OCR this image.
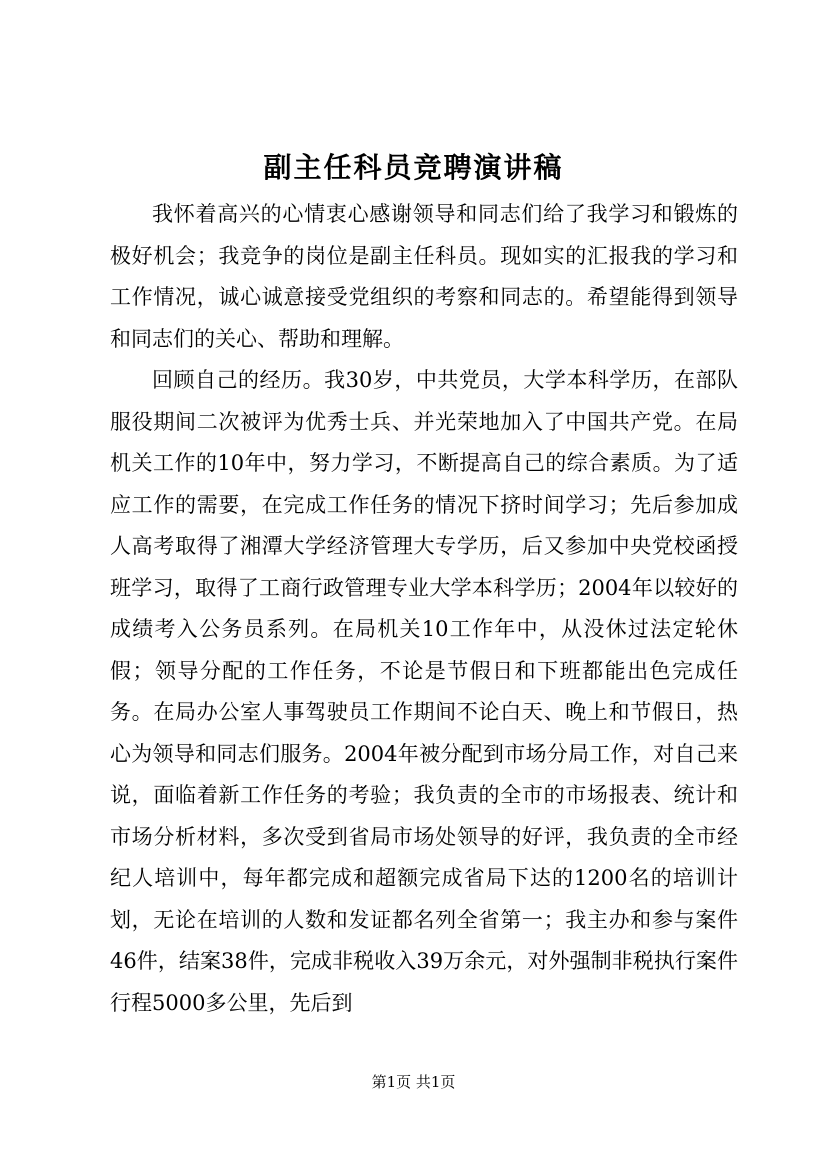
副主任科员竞聘演讲稿

我怀着高兴的心情衷心感谢领导和同志们给了我学习和锻炼的极好机会；我竞争的岗位是副主任科员。现如实的汇报我的学习和工作情况，诚心诚意接受党组织的考察和同志的。希望能得到领导和同志们的关心、帮助和理解。

回顾自己的经历。我30岁，中共党员，大学本科学历，在部队服役期间二次被评为优秀士兵、并光荣地加入了中国共产党。在局机关工作的10年中，努力学习，不断提高自己的综合素质。为了适应工作的需要，在完成工作任务的情况下挤时间学习；先后参加成人高考取得了湘潭大学经济管理大专学历，后又参加中央党校函授班学习，取得了工商行政管理专业大学本科学历；2004年以较好的成绩考入公务员系列。在局机关10工作年中，从没休过法定轮休假；领导分配的工作任务，不论是节假日和下班都能出色完成任务。在局办公室人事驾驶员工作期间不论白天、晚上和节假日，热心为领导和同志们服务。2004年被分配到市场分局工作，对自己来说，面临着新工作任务的考验；我负责的全市的市场报表、统计和市场分析材料，多次受到省局市场处领导的好评，我负责的全市经纪人培训中，每年都完成和超额完成省局下达的1200名的培训计划，无论在培训的人数和发证都名列全省第一；我主办和参与案件46件，结案38件，完成非税收入39万余元，对外强制非税执行案件行程5000多公里，先后到

第1页 共1页
